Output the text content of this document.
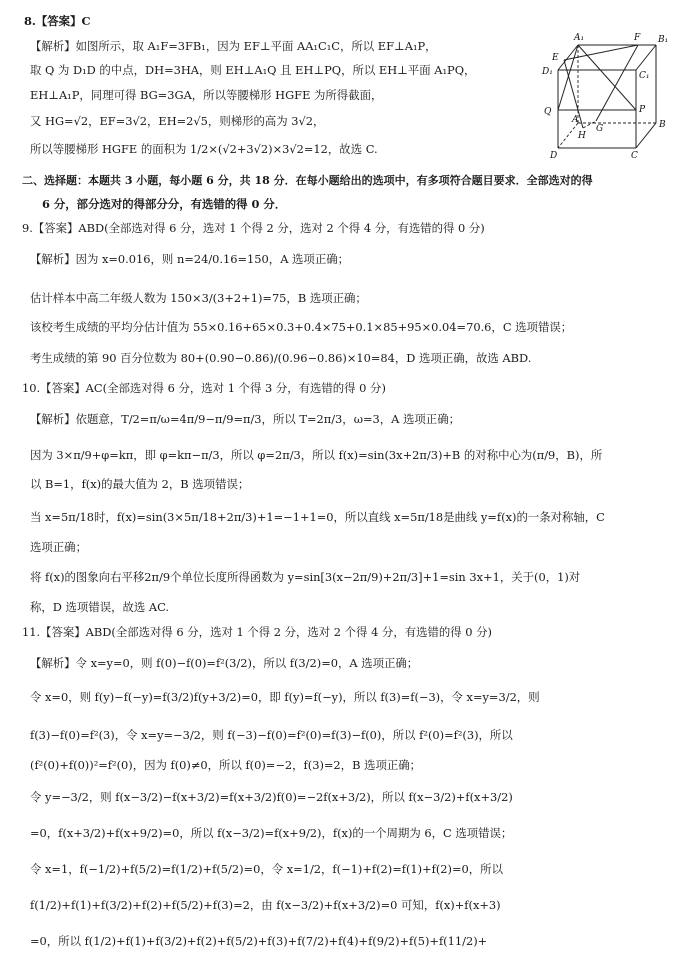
8.【答案】C
【解析】如图所示，取 A₁F=3FB₁，因为 EF⊥平面 AA₁C₁C，所以 EF⊥A₁P，
取 Q 为 D₁D 的中点，DH=3HA，则 EH⊥A₁Q 且 EH⊥PQ，所以 EH⊥平面 A₁PQ，
EH⊥A₁P，同理可得 BG=3GA，所以等腰梯形 HGFE 为所得截面，
又 HG=√2，EF=3√2，EH=2√5，则梯形的高为 3√2，
所以等腰梯形 HGFE 的面积为 1/2×(√2+3√2)×3√2=12，故选 C.
A₁	F B₁
D₁
E
C₁
Q	P
A
G
H
B
D	C
二、选择题：本题共 3 小题，每小题 6 分，共 18 分．在每小题给出的选项中，有多项符合题目要求．全部选对的得
6 分，部分选对的得部分分，有选错的得 0 分．
9.【答案】ABD(全部选对得 6 分，选对 1 个得 2 分，选对 2 个得 4 分，有选错的得 0 分)
【解析】因为 x=0.016，则 n=24/0.16=150，A 选项正确；
估计样本中高二年级人数为 150×3/(3+2+1)=75，B 选项正确；
该校考生成绩的平均分估计值为 55×0.16+65×0.3+0.4×75+0.1×85+95×0.04=70.6，C 选项错误；
考生成绩的第 90 百分位数为 80+(0.90−0.86)/(0.96−0.86)×10=84，D 选项正确，故选 ABD.
10.【答案】AC(全部选对得 6 分，选对 1 个得 3 分，有选错的得 0 分)
【解析】依题意，T/2=π/ω=4π/9−π/9=π/3，所以 T=2π/3，ω=3，A 选项正确；
因为 3×π/9+φ=kπ，即 φ=kπ−π/3，所以 φ=2π/3，所以 f(x)=sin(3x+2π/3)+B 的对称中心为(π/9，B)，所
以 B=1，f(x)的最大值为 2，B 选项错误；
当 x=5π/18时，f(x)=sin(3×5π/18+2π/3)+1=−1+1=0，所以直线 x=5π/18是曲线 y=f(x)的一条对称轴，C
选项正确；
将 f(x)的图象向右平移2π/9个单位长度所得函数为 y=sin[3(x−2π/9)+2π/3]+1=sin 3x+1，关于(0，1)对
称，D 选项错误，故选 AC.
11.【答案】ABD(全部选对得 6 分，选对 1 个得 2 分，选对 2 个得 4 分，有选错的得 0 分)
【解析】令 x=y=0，则 f(0)−f(0)=f²(3/2)，所以 f(3/2)=0，A 选项正确；
令 x=0，则 f(y)−f(−y)=f(3/2)f(y+3/2)=0，即 f(y)=f(−y)，所以 f(3)=f(−3)，令 x=y=3/2，则
f(3)−f(0)=f²(3)，令 x=y=−3/2，则 f(−3)−f(0)=f²(0)=f(3)−f(0)，所以 f²(0)=f²(3)，所以
(f²(0)+f(0))²=f²(0)，因为 f(0)≠0，所以 f(0)=−2，f(3)=2，B 选项正确；
令 y=−3/2，则 f(x−3/2)−f(x+3/2)=f(x+3/2)f(0)=−2f(x+3/2)，所以 f(x−3/2)+f(x+3/2)
=0，f(x+3/2)+f(x+9/2)=0，所以 f(x−3/2)=f(x+9/2)，f(x)的一个周期为 6，C 选项错误；
令 x=1，f(−1/2)+f(5/2)=f(1/2)+f(5/2)=0，令 x=1/2，f(−1)+f(2)=f(1)+f(2)=0，所以
f(1/2)+f(1)+f(3/2)+f(2)+f(5/2)+f(3)=2，由 f(x−3/2)+f(x+3/2)=0 可知，f(x)+f(x+3)
=0，所以 f(1/2)+f(1)+f(3/2)+f(2)+f(5/2)+f(3)+f(7/2)+f(4)+f(9/2)+f(5)+f(11/2)+
